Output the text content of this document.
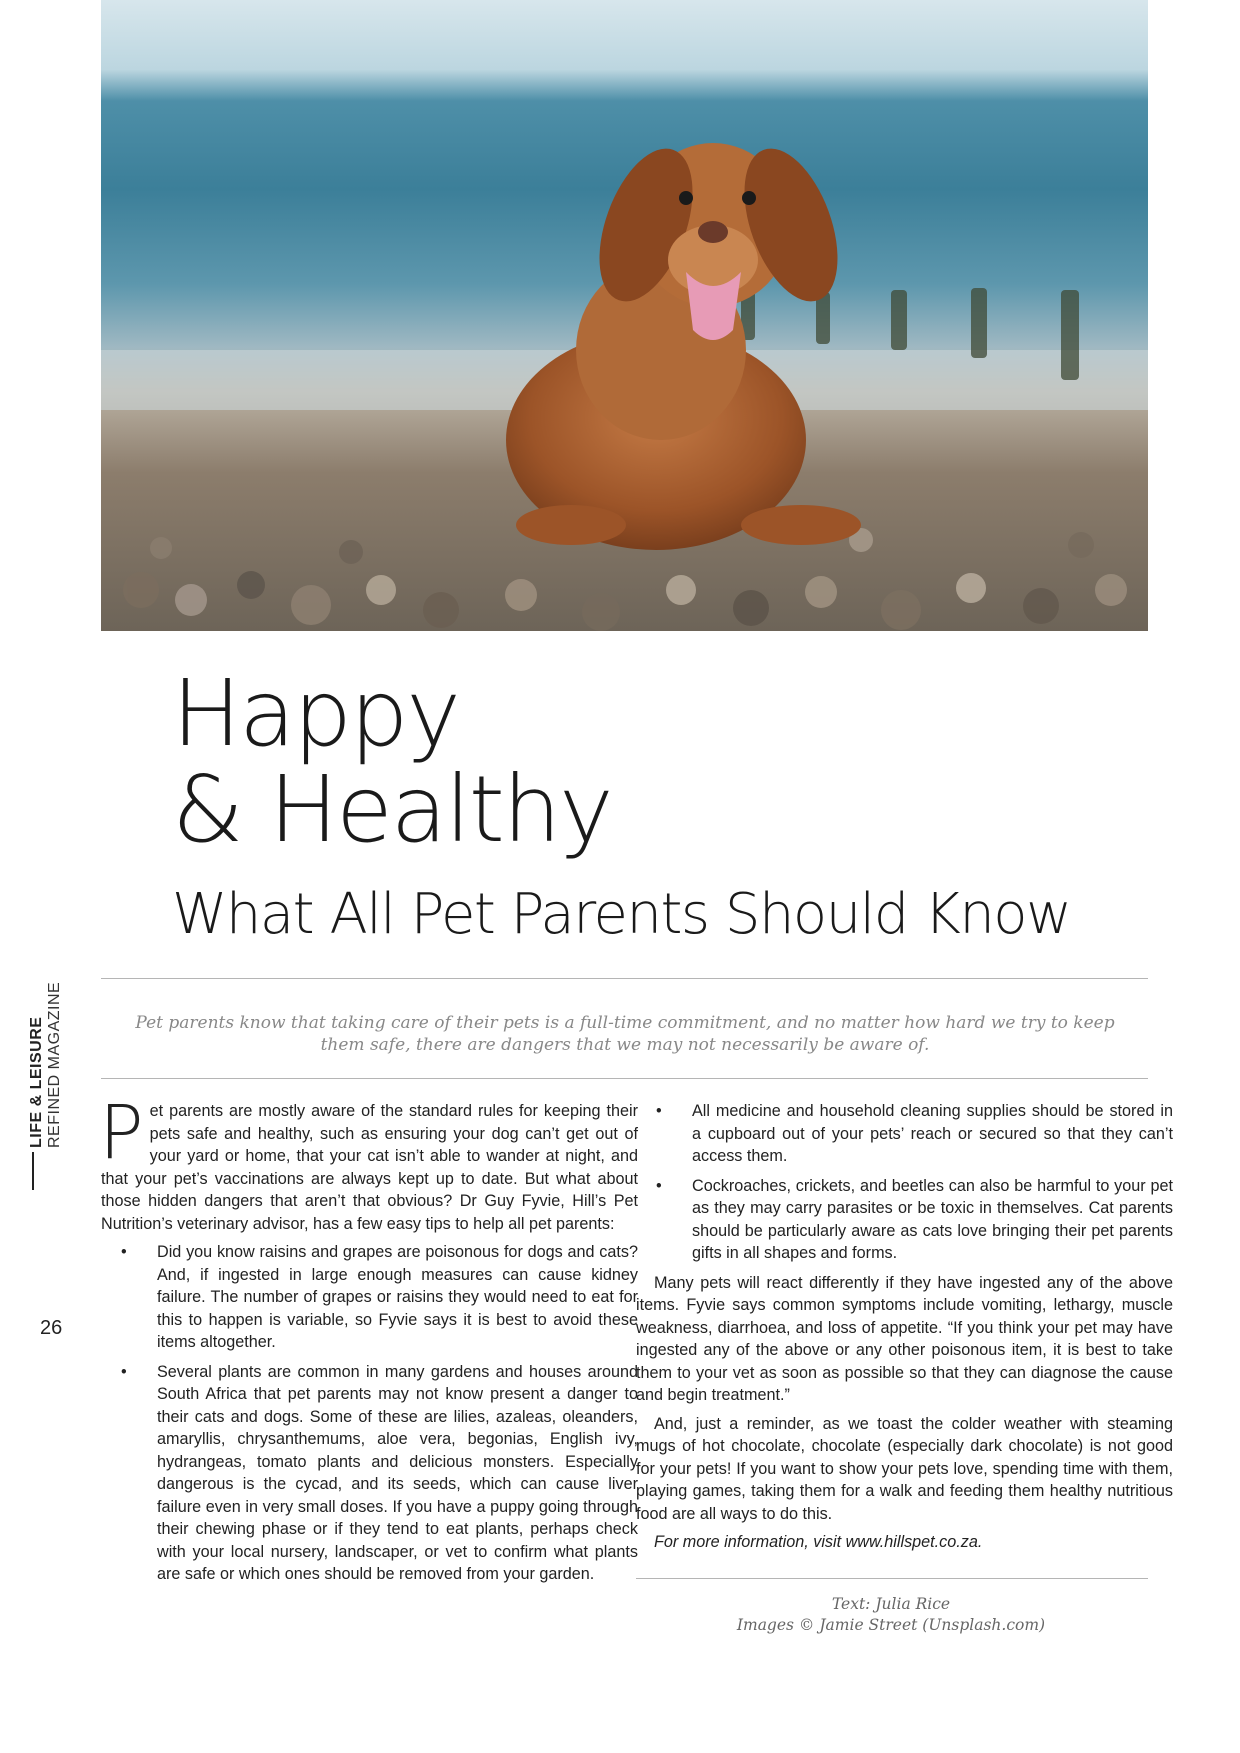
Happy
& Healthy
What All Pet Parents Should Know
Pet parents know that taking care of their pets is a full-time commitment, and no matter how hard we try to keep them safe, there are dangers that we may not necessarily be aware of.
LIFE & LEISURE REFINED MAGAZINE
26

Pet parents are mostly aware of the standard rules for keeping their pets safe and healthy, such as ensuring your dog can’t get out of your yard or home, that your cat isn’t able to wander at night, and that your pet’s vaccinations are always kept up to date. But what about those hidden dangers that aren’t that obvious? Dr Guy Fyvie, Hill’s Pet Nutrition’s veterinary advisor, has a few easy tips to help all pet parents:

• Did you know raisins and grapes are poisonous for dogs and cats? And, if ingested in large enough measures can cause kidney failure. The number of grapes or raisins they would need to eat for this to happen is variable, so Fyvie says it is best to avoid these items altogether.
• Several plants are common in many gardens and houses around South Africa that pet parents may not know present a danger to their cats and dogs. Some of these are lilies, azaleas, oleanders, amaryllis, chrysanthemums, aloe vera, begonias, English ivy, hydrangeas, tomato plants and delicious monsters. Especially dangerous is the cycad, and its seeds, which can cause liver failure even in very small doses. If you have a puppy going through their chewing phase or if they tend to eat plants, perhaps check with your local nursery, landscaper, or vet to confirm what plants are safe or which ones should be removed from your garden.
• All medicine and household cleaning supplies should be stored in a cupboard out of your pets’ reach or secured so that they can’t access them.
• Cockroaches, crickets, and beetles can also be harmful to your pet as they may carry parasites or be toxic in themselves. Cat parents should be particularly aware as cats love bringing their pet parents gifts in all shapes and forms.

Many pets will react differently if they have ingested any of the above items. Fyvie says common symptoms include vomiting, lethargy, muscle weakness, diarrhoea, and loss of appetite. “If you think your pet may have ingested any of the above or any other poisonous item, it is best to take them to your vet as soon as possible so that they can diagnose the cause and begin treatment.”

And, just a reminder, as we toast the colder weather with steaming mugs of hot chocolate, chocolate (especially dark chocolate) is not good for your pets! If you want to show your pets love, spending time with them, playing games, taking them for a walk and feeding them healthy nutritious food are all ways to do this.

For more information, visit www.hillspet.co.za.

Text: Julia Rice
Images © Jamie Street (Unsplash.com)
